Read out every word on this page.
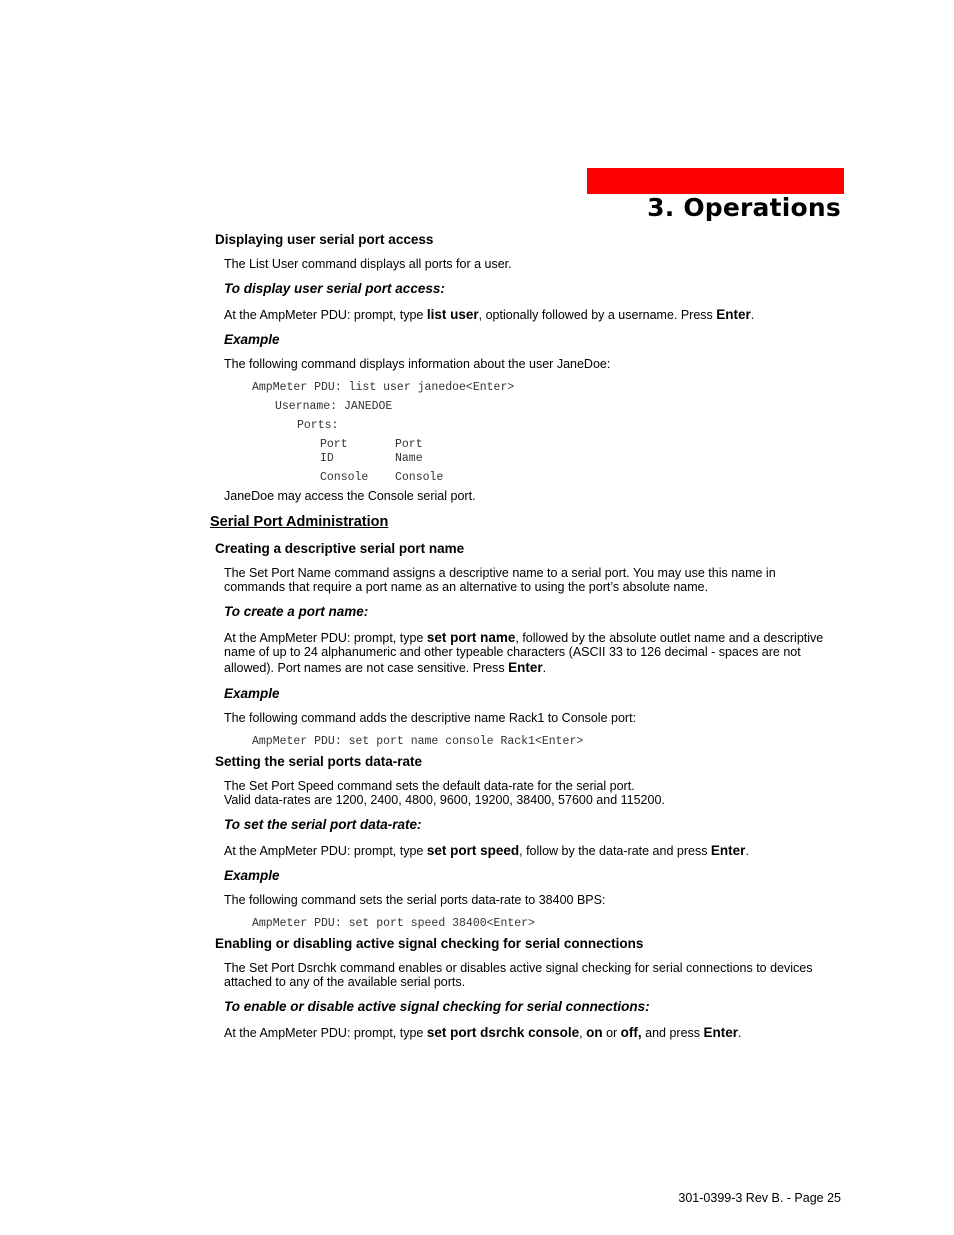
3. Operations
Displaying user serial port access
The List User command displays all ports for a user.
To display user serial port access:
At the AmpMeter PDU: prompt, type list user, optionally followed by a username. Press Enter.
Example
The following command displays information about the user JaneDoe:
AmpMeter PDU: list user janedoe<Enter>
Username: JANEDOE
Ports:
Port
ID
Port
Name
Console Console
JaneDoe may access the Console serial port.
Serial Port Administration
Creating a descriptive serial port name
The Set Port Name command assigns a descriptive name to a serial port. You may use this name in
commands that require a port name as an alternative to using the port’s absolute name.
To create a port name:
At the AmpMeter PDU: prompt, type set port name, followed by the absolute outlet name and a descriptive
name of up to 24 alphanumeric and other typeable characters (ASCII 33 to 126 decimal - spaces are not
allowed). Port names are not case sensitive. Press Enter.
Example
The following command adds the descriptive name Rack1 to Console port:
AmpMeter PDU: set port name console Rack1<Enter>
Setting the serial ports data-rate
The Set Port Speed command sets the default data-rate for the serial port.
Valid data-rates are 1200, 2400, 4800, 9600, 19200, 38400, 57600 and 115200.
To set the serial port data-rate:
At the AmpMeter PDU: prompt, type set port speed, follow by the data-rate and press Enter.
Example
The following command sets the serial ports data-rate to 38400 BPS:
AmpMeter PDU: set port speed 38400<Enter>
Enabling or disabling active signal checking for serial connections
The Set Port Dsrchk command enables or disables active signal checking for serial connections to devices
attached to any of the available serial ports.
To enable or disable active signal checking for serial connections:
At the AmpMeter PDU: prompt, type set port dsrchk console, on or off, and press Enter.
301-0399-3 Rev B. - Page 25
